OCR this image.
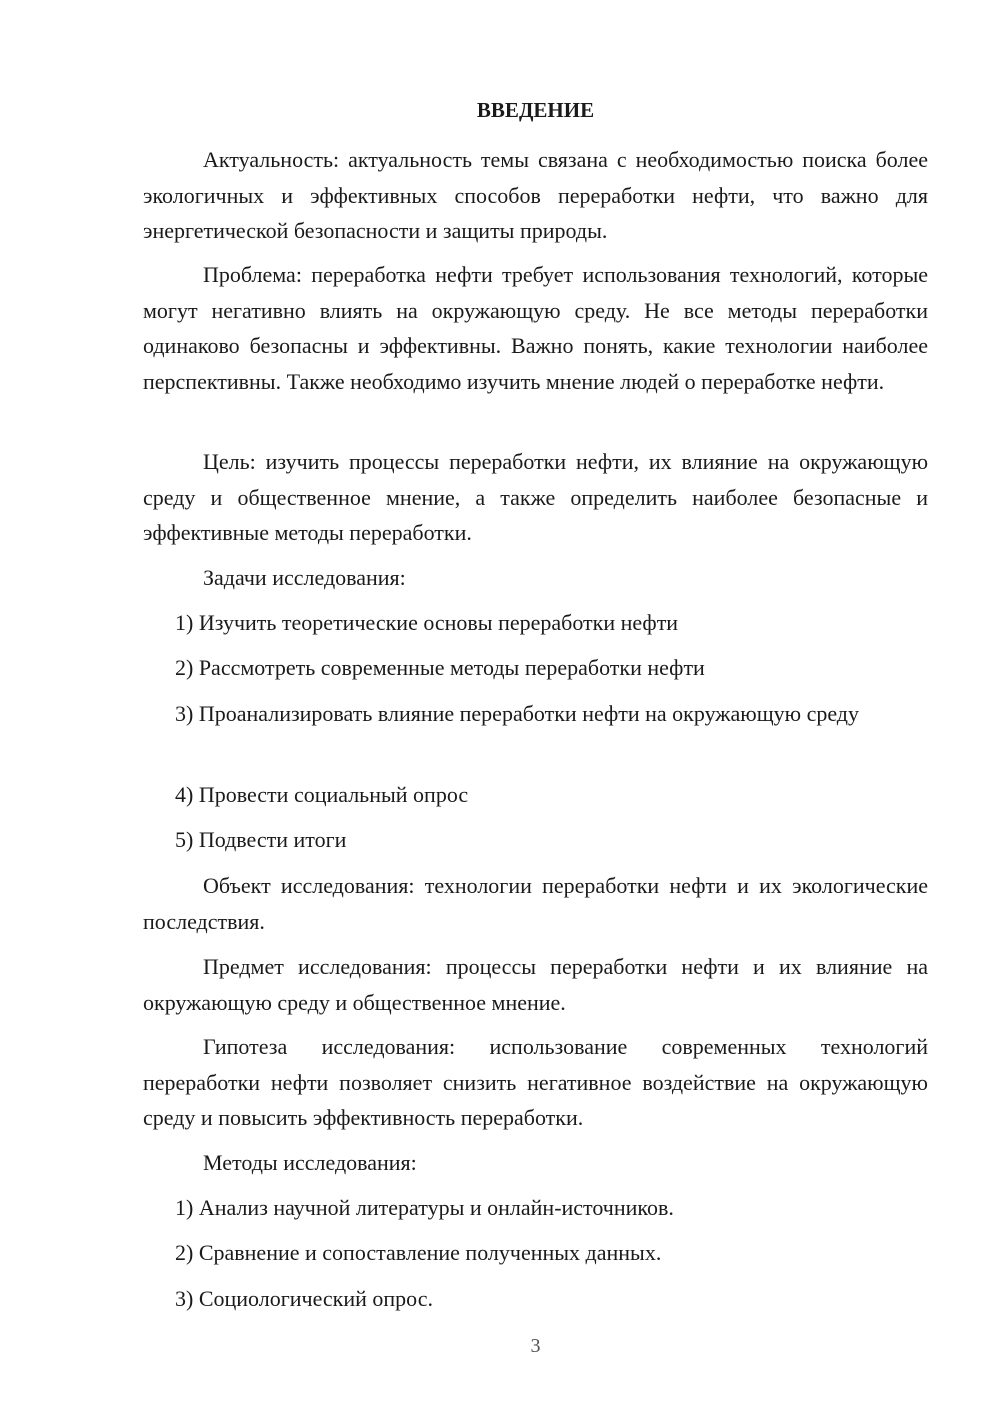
ВВЕДЕНИЕ

Актуальность: актуальность темы связана с необходимостью поиска более экологичных и эффективных способов переработки нефти, что важно для энергетической безопасности и защиты природы.

Проблема: переработка нефти требует использования технологий, которые могут негативно влиять на окружающую среду. Не все методы переработки одинаково безопасны и эффективны. Важно понять, какие технологии наиболее перспективны. Также необходимо изучить мнение людей о переработке нефти.

Цель: изучить процессы переработки нефти, их влияние на окружающую среду и общественное мнение, а также определить наиболее безопасные и эффективные методы переработки.

Задачи исследования:

1) Изучить теоретические основы переработки нефти

2) Рассмотреть современные методы переработки нефти

3) Проанализировать влияние переработки нефти на окружающую среду

4) Провести социальный опрос

5) Подвести итоги

Объект исследования: технологии переработки нефти и их экологические последствия.

Предмет исследования: процессы переработки нефти и их влияние на окружающую среду и общественное мнение.

Гипотеза исследования: использование современных технологий переработки нефти позволяет снизить негативное воздействие на окружающую среду и повысить эффективность переработки.

Методы исследования:

1) Анализ научной литературы и онлайн-источников.

2) Сравнение и сопоставление полученных данных.

3) Социологический опрос.

3
